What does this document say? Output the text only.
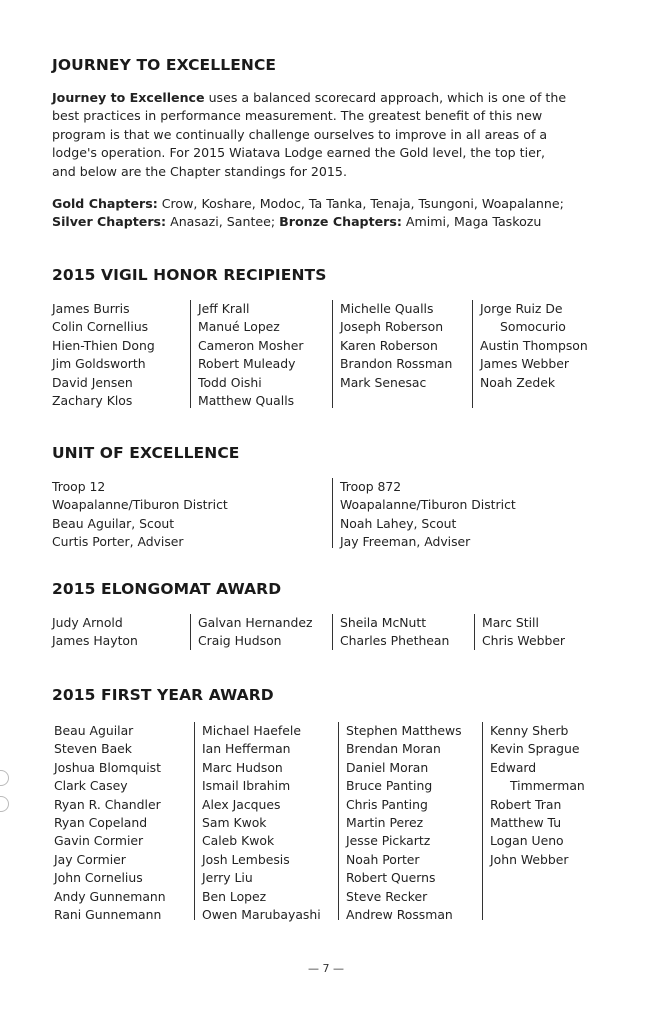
JOURNEY TO EXCELLENCE

Journey to Excellence uses a balanced scorecard approach, which is one of the best practices in performance measurement. The greatest benefit of this new program is that we continually challenge ourselves to improve in all areas of a lodge's operation. For 2015 Wiatava Lodge earned the Gold level, the top tier, and below are the Chapter standings for 2015.

Gold Chapters: Crow, Koshare, Modoc, Ta Tanka, Tenaja, Tsungoni, Woapalanne;
Silver Chapters: Anasazi, Santee; Bronze Chapters: Amimi, Maga Taskozu

2015 VIGIL HONOR RECIPIENTS
James Burris
Colin Cornellius
Hien-Thien Dong
Jim Goldsworth
David Jensen
Zachary Klos
Jeff Krall
Manué Lopez
Cameron Mosher
Robert Muleady
Todd Oishi
Matthew Qualls
Michelle Qualls
Joseph Roberson
Karen Roberson
Brandon Rossman
Mark Senesac
Jorge Ruiz De
Somocurio
Austin Thompson
James Webber
Noah Zedek
UNIT OF EXCELLENCE
Troop 12
Woapalanne/Tiburon District
Beau Aguilar, Scout
Curtis Porter, Adviser
Troop 872
Woapalanne/Tiburon District
Noah Lahey, Scout
Jay Freeman, Adviser
2015 ELONGOMAT AWARD
Judy Arnold
James Hayton
Galvan Hernandez
Craig Hudson
Sheila McNutt
Charles Phethean
Marc Still
Chris Webber
2015 FIRST YEAR AWARD
Beau Aguilar
Steven Baek
Joshua Blomquist
Clark Casey
Ryan R. Chandler
Ryan Copeland
Gavin Cormier
Jay Cormier
John Cornelius
Andy Gunnemann
Rani Gunnemann
Michael Haefele
Ian Hefferman
Marc Hudson
Ismail Ibrahim
Alex Jacques
Sam Kwok
Caleb Kwok
Josh Lembesis
Jerry Liu
Ben Lopez
Owen Marubayashi
Stephen Matthews
Brendan Moran
Daniel Moran
Bruce Panting
Chris Panting
Martin Perez
Jesse Pickartz
Noah Porter
Robert Querns
Steve Recker
Andrew Rossman
Kenny Sherb
Kevin Sprague
Edward
Timmerman
Robert Tran
Matthew Tu
Logan Ueno
John Webber
— 7 —
